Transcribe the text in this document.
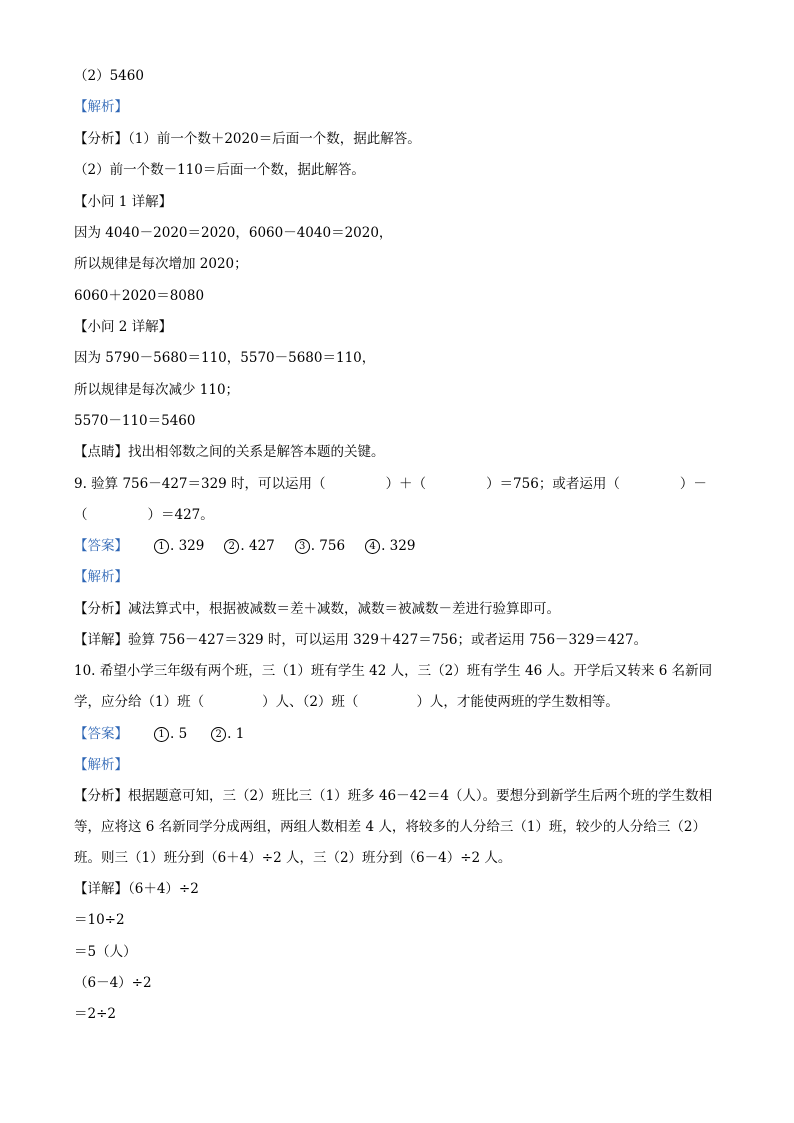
（2）5460
【解析】
【分析】（1）前一个数＋2020＝后面一个数，据此解答。
（2）前一个数－110＝后面一个数，据此解答。
【小问 1 详解】
因为 4040－2020＝2020，6060－4040＝2020，
所以规律是每次增加 2020；
6060＋2020＝8080
【小问 2 详解】
因为 5790－5680＝110，5570－5680＝110，
所以规律是每次减少 110；
5570－110＝5460
【点睛】找出相邻数之间的关系是解答本题的关键。
9. 验算 756－427＝329 时，可以运用（	）＋（	）＝756；或者运用（	）－
（	）＝427。
【答案】	1 . 329 2 . 427 3 . 756 4 . 329
【解析】
【分析】减法算式中，根据被减数＝差＋减数，减数＝被减数－差进行验算即可。
【详解】验算 756－427＝329 时，可以运用 329＋427＝756；或者运用 756－329＝427。
10. 希望小学三年级有两个班，三（1）班有学生 42 人，三（2）班有学生 46 人。开学后又转来 6 名新同
学，应分给（1）班（	）人、（2）班（	）人，才能使两班的学生数相等。
【答案】	1 . 5	2 . 1
【解析】
【分析】根据题意可知，三（2）班比三（1）班多 46－42＝4（人）。要想分到新学生后两个班的学生数相
等，应将这 6 名新同学分成两组，两组人数相差 4 人，将较多的人分给三（1）班，较少的人分给三（2）
班。则三（1）班分到（6＋4）÷2 人，三（2）班分到（6－4）÷2 人。
【详解】（6＋4）÷2
＝10÷2
＝5（人）
（6－4）÷2
＝2÷2
